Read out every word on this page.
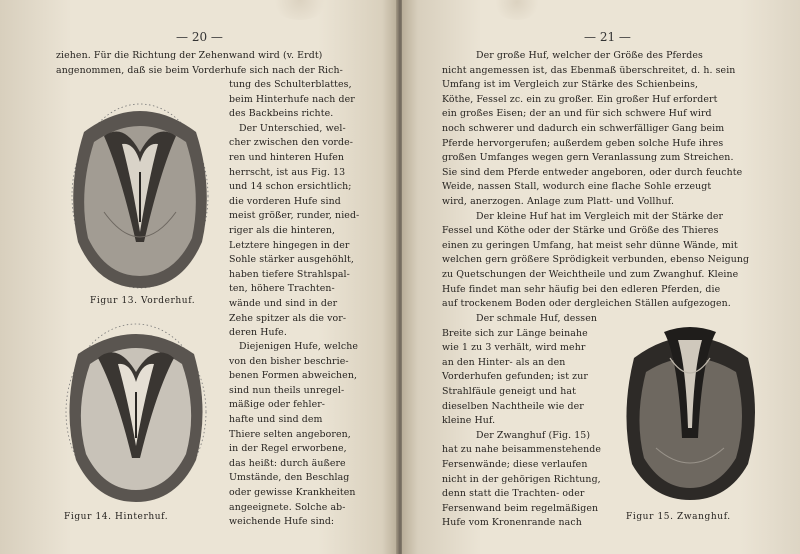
— 20 —
ziehen. Für die Richtung der Zehenwand wird (v. Erdt)
angenommen, daß sie beim Vorderhufe sich nach der Rich-
tung des Schulterblattes,
beim Hinterhufe nach der
des Backbeins richte.
Der Unterschied, wel-
cher zwischen den vorde-
ren und hinteren Hufen
herrscht, ist aus Fig. 13
und 14 schon ersichtlich;
die vorderen Hufe sind
meist größer, runder, nied-
riger als die hinteren,
Letztere hingegen in der
Sohle stärker ausgehöhlt,
haben tiefere Strahlspal-
ten, höhere Trachten-
wände und sind in der
Zehe spitzer als die vor-
deren Hufe.
Diejenigen Hufe, welche
von den bisher beschrie-
benen Formen abweichen,
sind nun theils unregel-
mäßige oder fehler-
hafte und sind dem
Thiere selten angeboren,
in der Regel erworbene,
das heißt: durch äußere
Umstände, den Beschlag
oder gewisse Krankheiten
angeeignete. Solche ab-
weichende Hufe sind:
Figur 13. Vorderhuf.
Figur 14. Hinterhuf.
— 21 —
Der große Huf, welcher der Größe des Pferdes
nicht angemessen ist, das Ebenmaß überschreitet, d. h. sein
Umfang ist im Vergleich zur Stärke des Schienbeins,
Köthe, Fessel zc. ein zu großer. Ein großer Huf erfordert
ein großes Eisen; der an und für sich schwere Huf wird
noch schwerer und dadurch ein schwerfälliger Gang beim
Pferde hervorgerufen; außerdem geben solche Hufe ihres
großen Umfanges wegen gern Veranlassung zum Streichen.
Sie sind dem Pferde entweder angeboren, oder durch feuchte
Weide, nassen Stall, wodurch eine flache Sohle erzeugt
wird, anerzogen. Anlage zum Platt- und Vollhuf.
Der kleine Huf hat im Vergleich mit der Stärke der
Fessel und Köthe oder der Stärke und Größe des Thieres
einen zu geringen Umfang, hat meist sehr dünne Wände, mit
welchen gern größere Sprödigkeit verbunden, ebenso Neigung
zu Quetschungen der Weichtheile und zum Zwanghuf. Kleine
Hufe findet man sehr häufig bei den edleren Pferden, die
auf trockenem Boden oder dergleichen Ställen aufgezogen.
Der schmale Huf, dessen
Breite sich zur Länge beinahe
wie 1 zu 3 verhält, wird mehr
an den Hinter- als an den
Vorderhufen gefunden; ist zur
Strahlfäule geneigt und hat
dieselben Nachtheile wie der
kleine Huf.
Der Zwanghuf (Fig. 15)
hat zu nahe beisammenstehende
Fersenwände; diese verlaufen
nicht in der gehörigen Richtung,
denn statt die Trachten- oder
Fersenwand beim regelmäßigen
Hufe vom Kronenrande nach
Figur 15. Zwanghuf.
